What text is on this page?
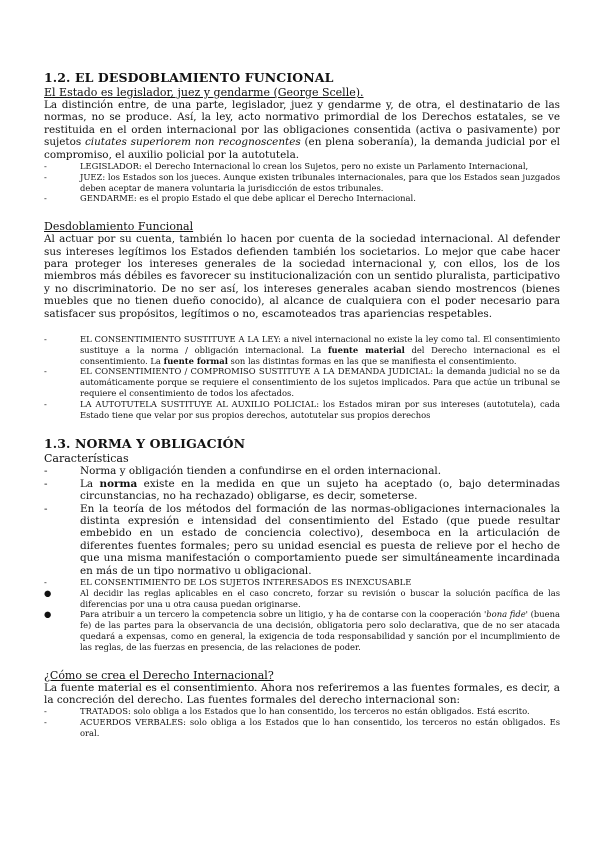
1.2. EL DESDOBLAMIENTO FUNCIONAL
El Estado es legislador, juez y gendarme (George Scelle).

La distinción entre, de una parte, legislador, juez y gendarme y, de otra, el destinatario de las normas, no se produce. Así, la ley, acto normativo primordial de los Derechos estatales, se ve restituida en el orden internacional por las obligaciones consentida (activa o pasivamente) por sujetos ciutates superiorem non recognoscentes (en plena soberanía), la demanda judicial por el compromiso, el auxilio policial por la autotutela.

-	LEGISLADOR: el Derecho Internacional lo crean los Sujetos, pero no existe un Parlamento Internacional,
-	JUEZ: los Estados son los jueces. Aunque existen tribunales internacionales, para que los Estados sean juzgados deben aceptar de manera voluntaria la jurisdicción de estos tribunales.
-	GENDARME: es el propio Estado el que debe aplicar el Derecho Internacional.
Desdoblamiento Funcional

Al actuar por su cuenta, también lo hacen por cuenta de la sociedad internacional. Al defender sus intereses legítimos los Estados defienden también los societarios. Lo mejor que cabe hacer para proteger los intereses generales de la sociedad internacional y, con ellos, los de los miembros más débiles es favorecer su institucionalización con un sentido pluralista, participativo y no discriminatorio. De no ser así, los intereses generales acaban siendo mostrencos (bienes muebles que no tienen dueño conocido), al alcance de cualquiera con el poder necesario para satisfacer sus propósitos, legítimos o no, escamoteados tras apariencias respetables.

-	EL CONSENTIMIENTO SUSTITUYE A LA LEY: a nivel internacional no existe la ley como tal. El consentimiento sustituye a la norma / obligación internacional. La fuente material del Derecho internacional es el consentimiento. La fuente formal son las distintas formas en las que se manifiesta el consentimiento.
-	EL CONSENTIMIENTO / COMPROMISO SUSTITUYE A LA DEMANDA JUDICIAL: la demanda judicial no se da automáticamente porque se requiere el consentimiento de los sujetos implicados. Para que actúe un tribunal se requiere el consentimiento de todos los afectados.
-	LA AUTOTUTELA SUSTITUYE AL AUXILIO POLICIAL: los Estados miran por sus intereses (autotutela), cada Estado tiene que velar por sus propios derechos, autotutelar sus propios derechos
1.3. NORMA Y OBLIGACIÓN
Características
-	Norma y obligación tienden a confundirse en el orden internacional.
-	La norma existe en la medida en que un sujeto ha aceptado (o, bajo determinadas circunstancias, no ha rechazado) obligarse, es decir, someterse.
-	En la teoría de los métodos del formación de las normas-obligaciones internacionales la distinta expresión e intensidad del consentimiento del Estado (que puede resultar embebido en un estado de conciencia colectivo), desemboca en la articulación de diferentes fuentes formales; pero su unidad esencial es puesta de relieve por el hecho de que una misma manifestación o comportamiento puede ser simultáneamente incardinada en más de un tipo normativo u obligacional.
-	EL CONSENTIMIENTO DE LOS SUJETOS INTERESADOS ES INEXCUSABLE
●	Al decidir las reglas aplicables en el caso concreto, forzar su revisión o buscar la solución pacífica de las diferencias por una u otra causa puedan originarse.
●	Para atribuir a un tercero la competencia sobre un litigio, y ha de contarse con la cooperación 'bona fide' (buena fe) de las partes para la observancia de una decisión, obligatoria pero solo declarativa, que de no ser atacada quedará a expensas, como en general, la exigencia de toda responsabilidad y sanción por el incumplimiento de las reglas, de las fuerzas en presencia, de las relaciones de poder.
¿Cómo se crea el Derecho Internacional?

La fuente material es el consentimiento. Ahora nos referiremos a las fuentes formales, es decir, a la concreción del derecho. Las fuentes formales del derecho internacional son:

-	TRATADOS: solo obliga a los Estados que lo han consentido, los terceros no están obligados. Está escrito.
-	ACUERDOS VERBALES: solo obliga a los Estados que lo han consentido, los terceros no están obligados. Es oral.
